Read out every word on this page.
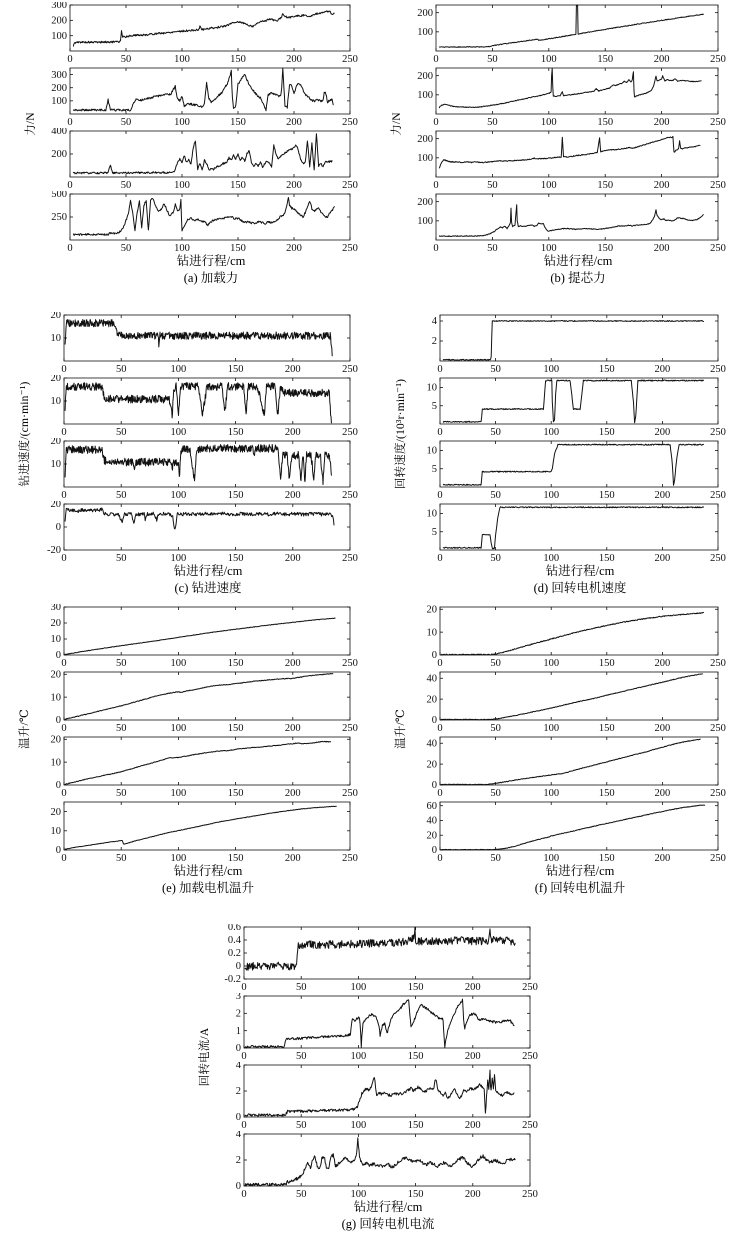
力/N
0	50	100	150	200	250
100
200
300
0	50	100	150	200	250
100
200
300
0	50	100	150	200	250
200
400
0	50	100	150	200	250
250
500
钻进行程/cm
(a) 加载力
力/N
0	50	100	150	200	250
100
200
0	50	100	150	200	250
100
200
0	50	100	150	200	250
100
200
0	50	100	150	200	250
100
200
钻进行程/cm
(b) 提芯力
钻进速度/(cm·min⁻¹)
0	50	100	150	200	250
10
20
0	50	100	150	200	250
10
20
0	50	100	150	200	250
10
20
0	50	100	150	200	250
-20
0
20
钻进行程/cm
(c) 钻进速度
回转速度/(10³r·min⁻¹)
0	50	100	150	200	250
2
4
0	50	100	150	200	250
5
10
0	50	100	150	200	250
5
10
0	50	100	150	200	250
5
10
钻进行程/cm
(d) 回转电机速度
温升/℃
0	50	100	150	200	250
0
10
20
30
0	50	100	150	200	250
0
10
20
0	50	100	150	200	250
0
10
20
0	50	100	150	200	250
0
10
20
钻进行程/cm
(e) 加载电机温升
温升/℃
0	50	100	150	200	250
0
10
20
0	50	100	150	200	250
0
20
40
0	50	100	150	200	250
0
20
40
0	50	100	150	200	250
0
20
40
60
钻进行程/cm
(f) 回转电机温升
回转电流/A
0	50	100	150	200	250
-0.2
0
0.2
0.4
0.6
0	50	100	150	200	250
0
1
2
3
0	50	100	150	200	250
0
2
4
0	50	100	150	200	250
0
2
4
钻进行程/cm
(g) 回转电机电流
